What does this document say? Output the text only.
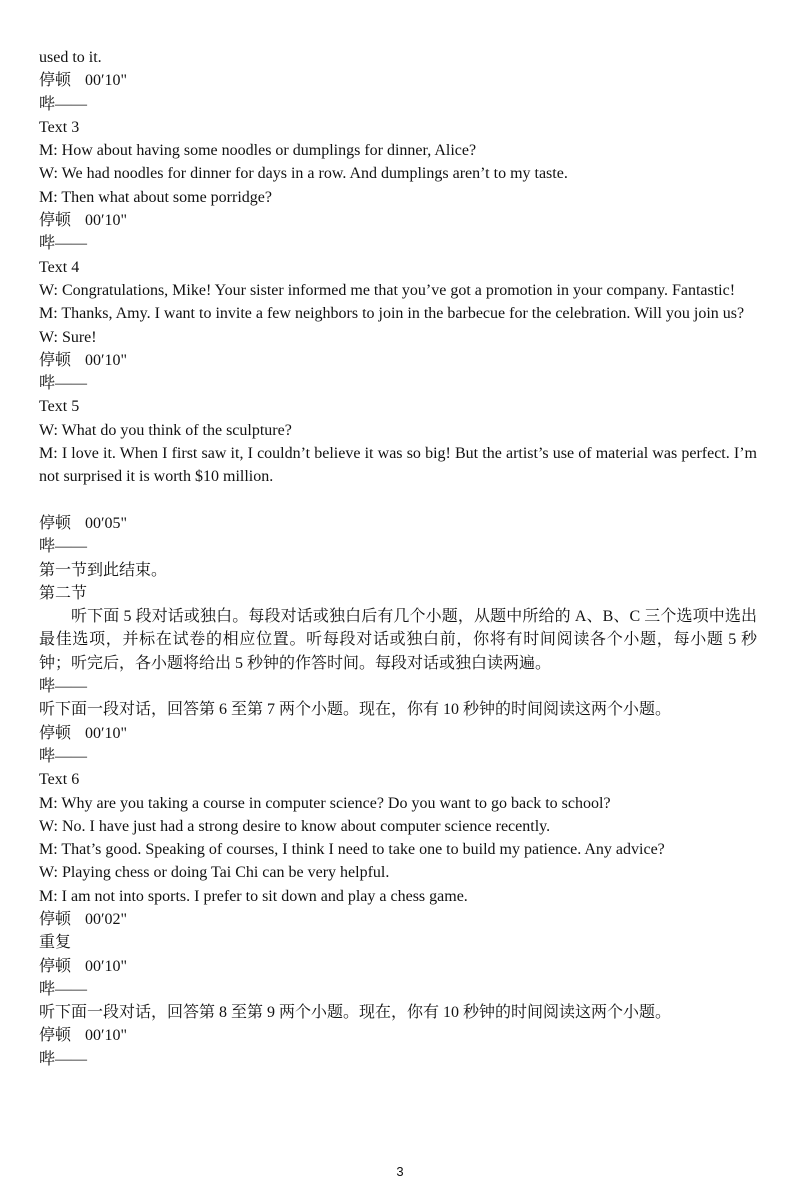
used to it.
停顿 00′10"
哔——
Text 3
M: How about having some noodles or dumplings for dinner, Alice?
W: We had noodles for dinner for days in a row. And dumplings aren’t to my taste.
M: Then what about some porridge?
停顿 00′10"
哔——
Text 4
W: Congratulations, Mike! Your sister informed me that you’ve got a promotion in your company. Fantastic!
M: Thanks, Amy. I want to invite a few neighbors to join in the barbecue for the celebration. Will you join us?
W: Sure!
停顿 00′10"
哔——
Text 5
W: What do you think of the sculpture?
M: I love it. When I first saw it, I couldn’t believe it was so big! But the artist’s use of material was perfect. I’m not surprised it is worth $10 million.
停顿 00′05"
哔——
第一节到此结束。
第二节
听下面 5 段对话或独白。每段对话或独白后有几个小题，从题中所给的 A、B、C 三个选项中选出最佳选项，并标在试卷的相应位置。听每段对话或独白前，你将有时间阅读各个小题，每小题 5 秒钟；听完后，各小题将给出 5 秒钟的作答时间。每段对话或独白读两遍。
哔——
听下面一段对话，回答第 6 至第 7 两个小题。现在，你有 10 秒钟的时间阅读这两个小题。
停顿 00′10"
哔——
Text 6
M: Why are you taking a course in computer science? Do you want to go back to school?
W: No. I have just had a strong desire to know about computer science recently.
M: That’s good. Speaking of courses, I think I need to take one to build my patience. Any advice?
W: Playing chess or doing Tai Chi can be very helpful.
M: I am not into sports. I prefer to sit down and play a chess game.
停顿 00′02"
重复
停顿 00′10"
哔——
听下面一段对话，回答第 8 至第 9 两个小题。现在，你有 10 秒钟的时间阅读这两个小题。
停顿 00′10"
哔——
3
